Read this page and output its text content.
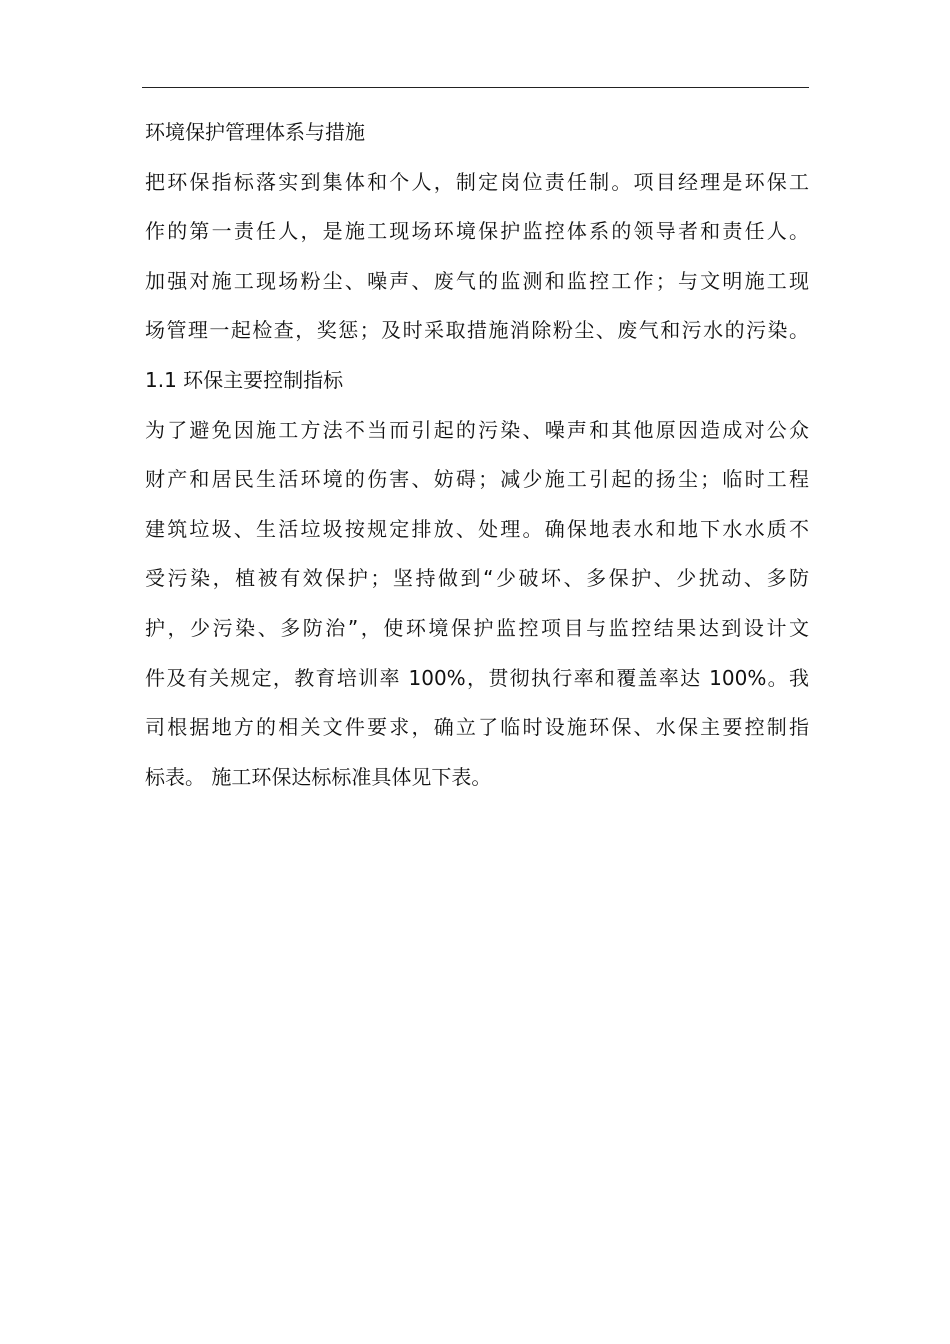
环境保护管理体系与措施

把环保指标落实到集体和个人，制定岗位责任制。项目经理是环保工

作的第一责任人，是施工现场环境保护监控体系的领导者和责任人。

加强对施工现场粉尘、噪声、废气的监测和监控工作；与文明施工现

场管理一起检查，奖惩；及时采取措施消除粉尘、废气和污水的污染。

1.1 环保主要控制指标

为了避免因施工方法不当而引起的污染、噪声和其他原因造成对公众

财产和居民生活环境的伤害、妨碍；减少施工引起的扬尘；临时工程

建筑垃圾、生活垃圾按规定排放、处理。确保地表水和地下水水质不

受污染，植被有效保护；坚持做到“少破坏、多保护、少扰动、多防

护，少污染、多防治”，使环境保护监控项目与监控结果达到设计文

件及有关规定，教育培训率 100%，贯彻执行率和覆盖率达 100%。我

司根据地方的相关文件要求，确立了临时设施环保、水保主要控制指

标表。 施工环保达标标准具体见下表。
